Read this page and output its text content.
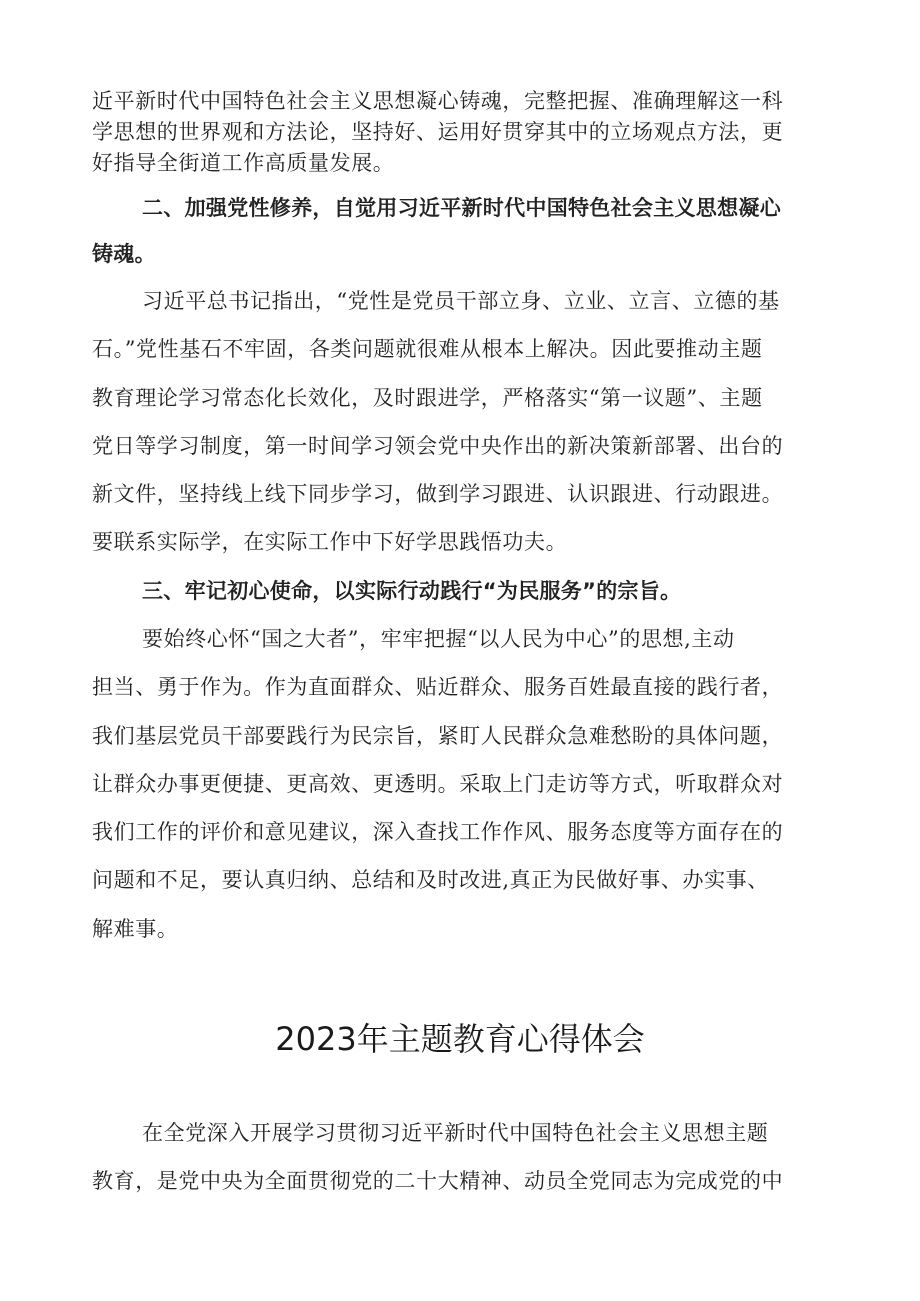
近平新时代中国特色社会主义思想凝心铸魂，完整把握、准确理解这一科
学思想的世界观和方法论，坚持好、运用好贯穿其中的立场观点方法，更
好指导全街道工作高质量发展。
二、加强党性修养，自觉用习近平新时代中国特色社会主义思想凝心
铸魂。
习近平总书记指出，“党性是党员干部立身、立业、立言、立德的基
石。”党性基石不牢固，各类问题就很难从根本上解决。因此要推动主题
教育理论学习常态化长效化，及时跟进学，严格落实“第一议题”、主题
党日等学习制度，第一时间学习领会党中央作出的新决策新部署、出台的
新文件，坚持线上线下同步学习，做到学习跟进、认识跟进、行动跟进。
要联系实际学，在实际工作中下好学思践悟功夫。
三、牢记初心使命，以实际行动践行“为民服务”的宗旨。
要始终心怀“国之大者”，牢牢把握“以人民为中心”的思想,主动
担当、勇于作为。作为直面群众、贴近群众、服务百姓最直接的践行者，
我们基层党员干部要践行为民宗旨，紧盯人民群众急难愁盼的具体问题，
让群众办事更便捷、更高效、更透明。采取上门走访等方式，听取群众对
我们工作的评价和意见建议，深入查找工作作风、服务态度等方面存在的
问题和不足，要认真归纳、总结和及时改进,真正为民做好事、办实事、
解难事。
2023年主题教育心得体会
在全党深入开展学习贯彻习近平新时代中国特色社会主义思想主题
教育，是党中央为全面贯彻党的二十大精神、动员全党同志为完成党的中
